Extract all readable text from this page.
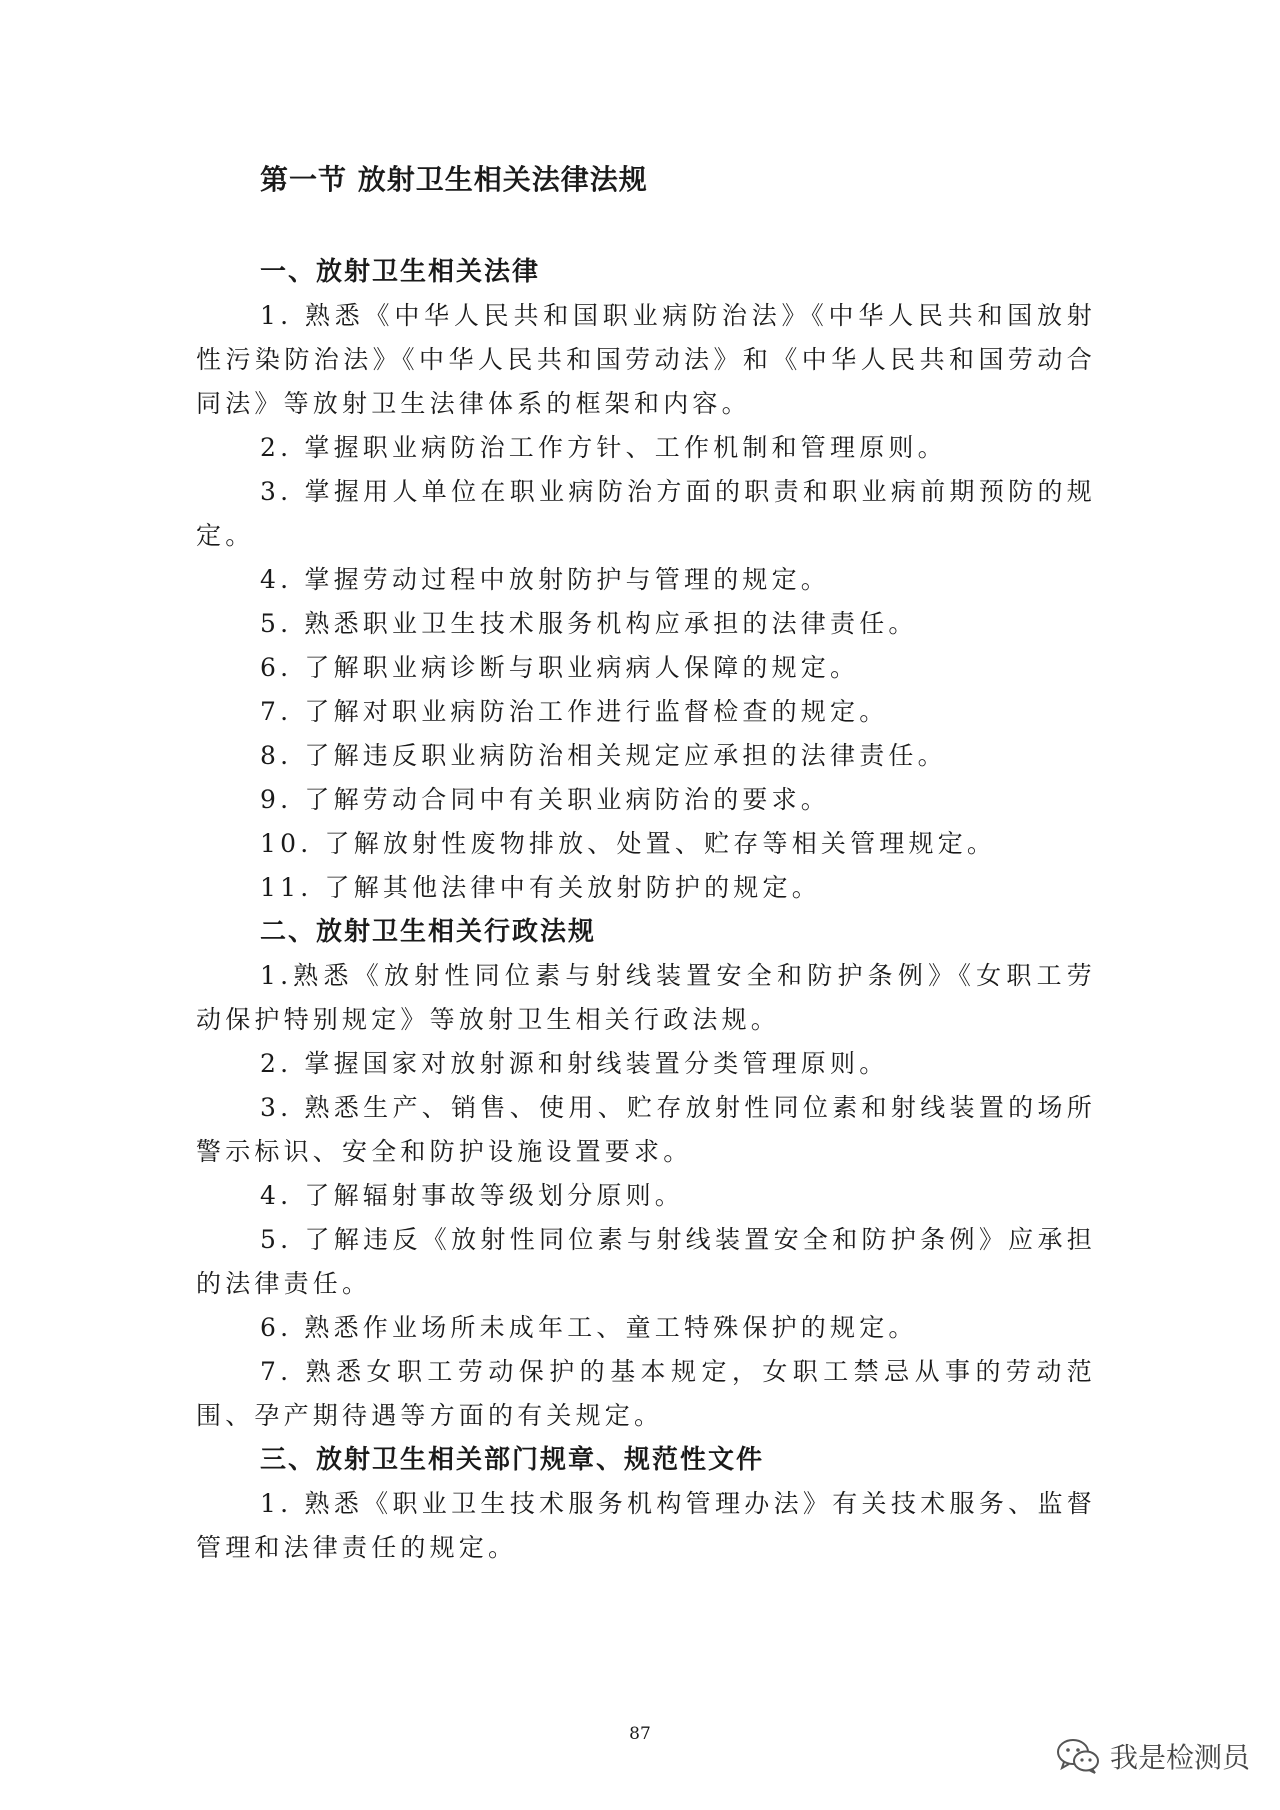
第一节 放射卫生相关法律法规
一、放射卫生相关法律

1. 熟悉《中华人民共和国职业病防治法》《中华人民共和国放射性污染防治法》《中华人民共和国劳动法》和《中华人民共和国劳动合同法》等放射卫生法律体系的框架和内容。

2. 掌握职业病防治工作方针、工作机制和管理原则。

3. 掌握用人单位在职业病防治方面的职责和职业病前期预防的规定。

4. 掌握劳动过程中放射防护与管理的规定。

5. 熟悉职业卫生技术服务机构应承担的法律责任。

6. 了解职业病诊断与职业病病人保障的规定。

7. 了解对职业病防治工作进行监督检查的规定。

8. 了解违反职业病防治相关规定应承担的法律责任。

9. 了解劳动合同中有关职业病防治的要求。

10. 了解放射性废物排放、处置、贮存等相关管理规定。

11. 了解其他法律中有关放射防护的规定。

二、放射卫生相关行政法规

1.熟悉《放射性同位素与射线装置安全和防护条例》《女职工劳动保护特别规定》等放射卫生相关行政法规。

2. 掌握国家对放射源和射线装置分类管理原则。

3. 熟悉生产、销售、使用、贮存放射性同位素和射线装置的场所警示标识、安全和防护设施设置要求。

4. 了解辐射事故等级划分原则。

5. 了解违反《放射性同位素与射线装置安全和防护条例》应承担的法律责任。

6. 熟悉作业场所未成年工、童工特殊保护的规定。

7. 熟悉女职工劳动保护的基本规定，女职工禁忌从事的劳动范围、孕产期待遇等方面的有关规定。

三、放射卫生相关部门规章、规范性文件

1. 熟悉《职业卫生技术服务机构管理办法》有关技术服务、监督管理和法律责任的规定。

87
我是检测员
